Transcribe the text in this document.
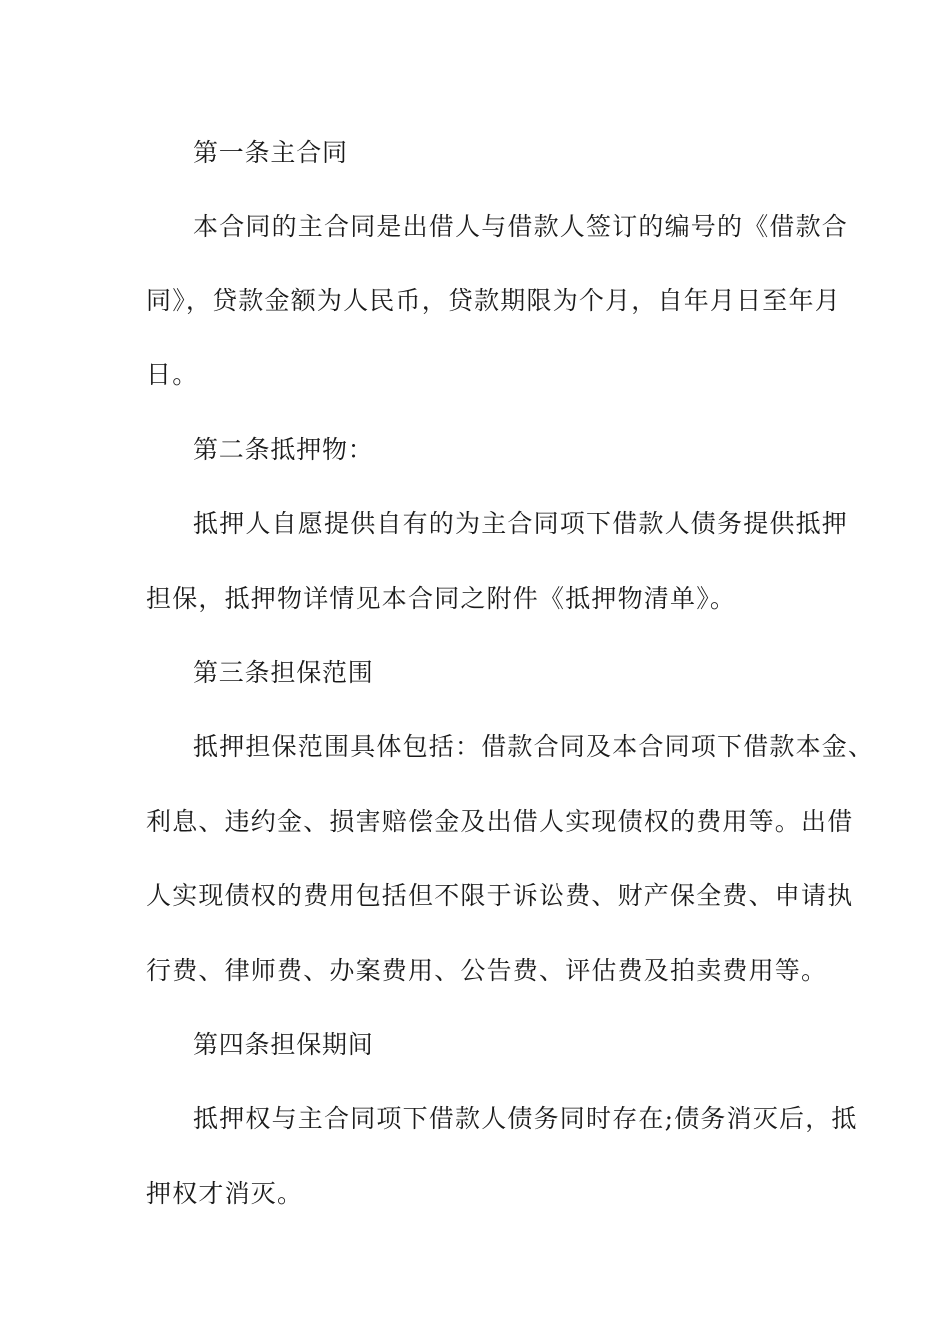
第一条主合同
本合同的主合同是出借人与借款人签订的编号的《借款合
同》，贷款金额为人民币，贷款期限为个月，自年月日至年月
日。
第二条抵押物：
抵押人自愿提供自有的为主合同项下借款人债务提供抵押
担保，抵押物详情见本合同之附件《抵押物清单》。
第三条担保范围
抵押担保范围具体包括：借款合同及本合同项下借款本金、
利息、违约金、损害赔偿金及出借人实现债权的费用等。出借
人实现债权的费用包括但不限于诉讼费、财产保全费、申请执
行费、律师费、办案费用、公告费、评估费及拍卖费用等。
第四条担保期间
抵押权与主合同项下借款人债务同时存在;债务消灭后，抵
押权才消灭。
